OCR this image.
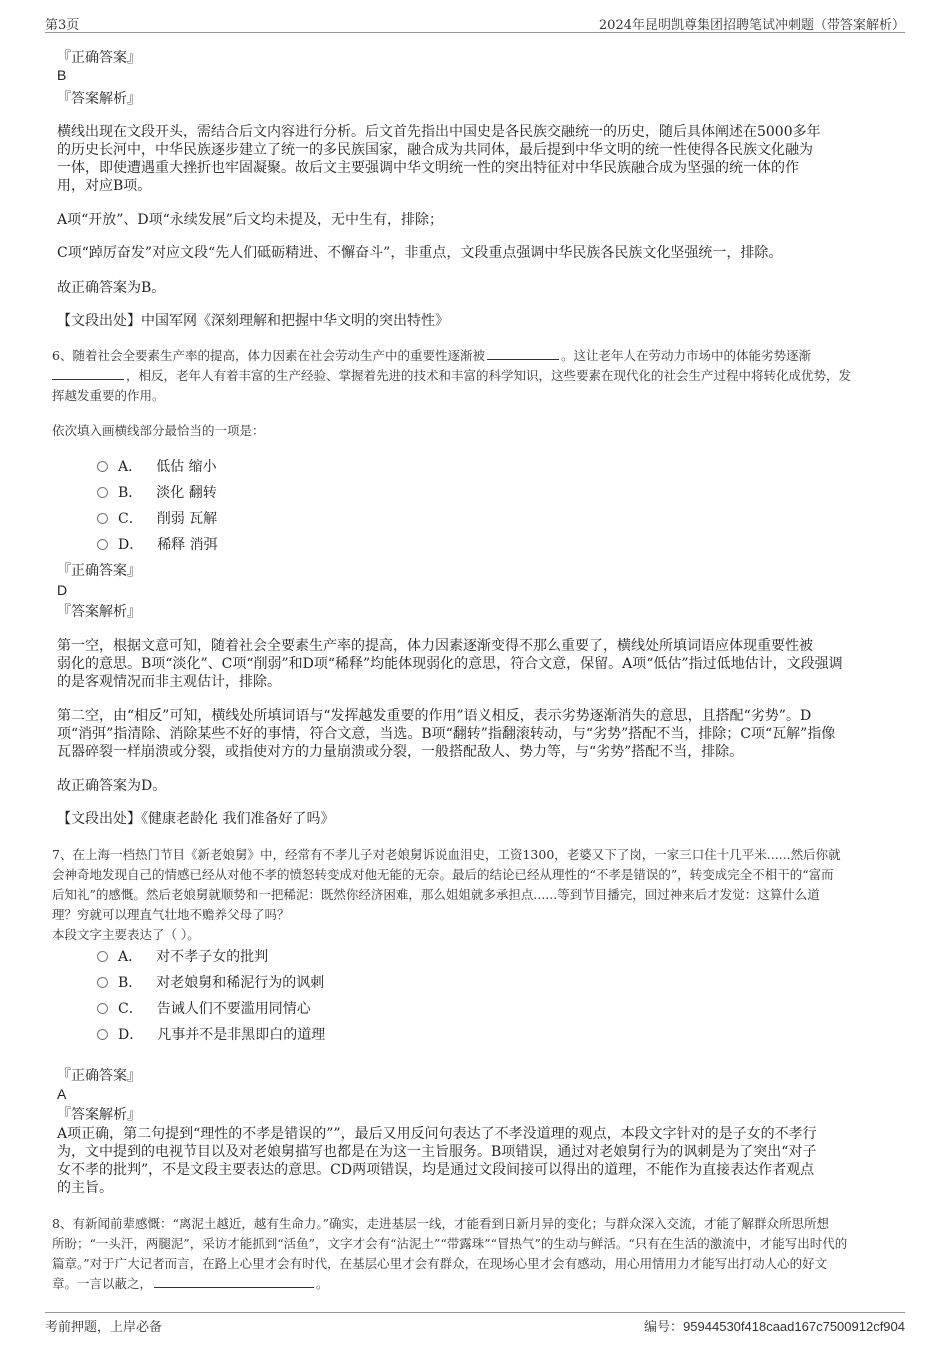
第3页	2024年昆明凯尊集团招聘笔试冲刺题（带答案解析）
『正确答案』
B
『答案解析』
横线出现在文段开头，需结合后文内容进行分析。后文首先指出中国史是各民族交融统一的历史，随后具体阐述在5000多年
的历史长河中，中华民族逐步建立了统一的多民族国家，融合成为共同体，最后提到中华文明的统一性使得各民族文化融为
一体，即使遭遇重大挫折也牢固凝聚。故后文主要强调中华文明统一性的突出特征对中华民族融合成为坚强的统一体的作
用，对应B项。
A项“开放”、D项“永续发展”后文均未提及，无中生有，排除；
C项“踔厉奋发”对应文段“先人们砥砺精进、不懈奋斗”，非重点，文段重点强调中华民族各民族文化坚强统一，排除。
故正确答案为B。
【文段出处】中国军网《深刻理解和把握中华文明的突出特性》
6、随着社会全要素生产率的提高，体力因素在社会劳动生产中的重要性逐渐被	。这让老年人在劳动力市场中的体能劣势逐渐
，相反，老年人有着丰富的生产经验、掌握着先进的技术和丰富的科学知识，这些要素在现代化的社会生产过程中将转化成优势，发
挥越发重要的作用。
依次填入画横线部分最恰当的一项是：
A． 低估 缩小
B． 淡化 翻转
C． 削弱 瓦解
D． 稀释 消弭
『正确答案』
D
『答案解析』
第一空，根据文意可知，随着社会全要素生产率的提高，体力因素逐渐变得不那么重要了，横线处所填词语应体现重要性被
弱化的意思。B项“淡化”、C项“削弱”和D项“稀释”均能体现弱化的意思，符合文意，保留。A项“低估”指过低地估计，文段强调
的是客观情况而非主观估计，排除。
第二空，由“相反”可知，横线处所填词语与“发挥越发重要的作用”语义相反，表示劣势逐渐消失的意思，且搭配“劣势”。D
项“消弭”指清除、消除某些不好的事情，符合文意，当选。B项“翻转”指翻滚转动，与“劣势”搭配不当，排除；C项“瓦解”指像
瓦器碎裂一样崩溃或分裂，或指使对方的力量崩溃或分裂，一般搭配敌人、势力等，与“劣势”搭配不当，排除。
故正确答案为D。
【文段出处】《健康老龄化 我们准备好了吗》
7、在上海一档热门节目《新老娘舅》中，经常有不孝儿子对老娘舅诉说血泪史，工资1300，老婆又下了岗，一家三口住十几平米......然后你就
会神奇地发现自己的情感已经从对他不孝的愤怒转变成对他无能的无奈。最后的结论已经从理性的“不孝是错误的”，转变成完全不相干的“富而
后知礼”的感慨。然后老娘舅就顺势和一把稀泥：既然你经济困难，那么姐姐就多承担点......等到节目播完，回过神来后才发觉：这算什么道
理？穷就可以理直气壮地不赡养父母了吗？
本段文字主要表达了（ ）。
A． 对不孝子女的批判
B． 对老娘舅和稀泥行为的讽刺
C． 告诫人们不要滥用同情心
D． 凡事并不是非黑即白的道理
『正确答案』
A
『答案解析』
A项正确，第二句提到“理性的不孝是错误的””，最后又用反问句表达了不孝没道理的观点，本段文字针对的是子女的不孝行
为，文中提到的电视节目以及对老娘舅描写也都是在为这一主旨服务。B项错误，通过对老娘舅行为的讽刺是为了突出“对子
女不孝的批判”，不是文段主要表达的意思。CD两项错误，均是通过文段间接可以得出的道理，不能作为直接表达作者观点
的主旨。
8、有新闻前辈感慨：“离泥土越近，越有生命力。”确实，走进基层一线，才能看到日新月异的变化；与群众深入交流，才能了解群众所思所想
所盼；“一头汗，两腿泥”，采访才能抓到“活鱼”，文字才会有“沾泥土”“带露珠”“冒热气”的生动与鲜活。“只有在生活的激流中，才能写出时代的
篇章。”对于广大记者而言，在路上心里才会有时代，在基层心里才会有群众，在现场心里才会有感动，用心用情用力才能写出打动人心的好文
章。一言以蔽之，	。
考前押题，上岸必备	编号：95944530f418caad167c7500912cf904
